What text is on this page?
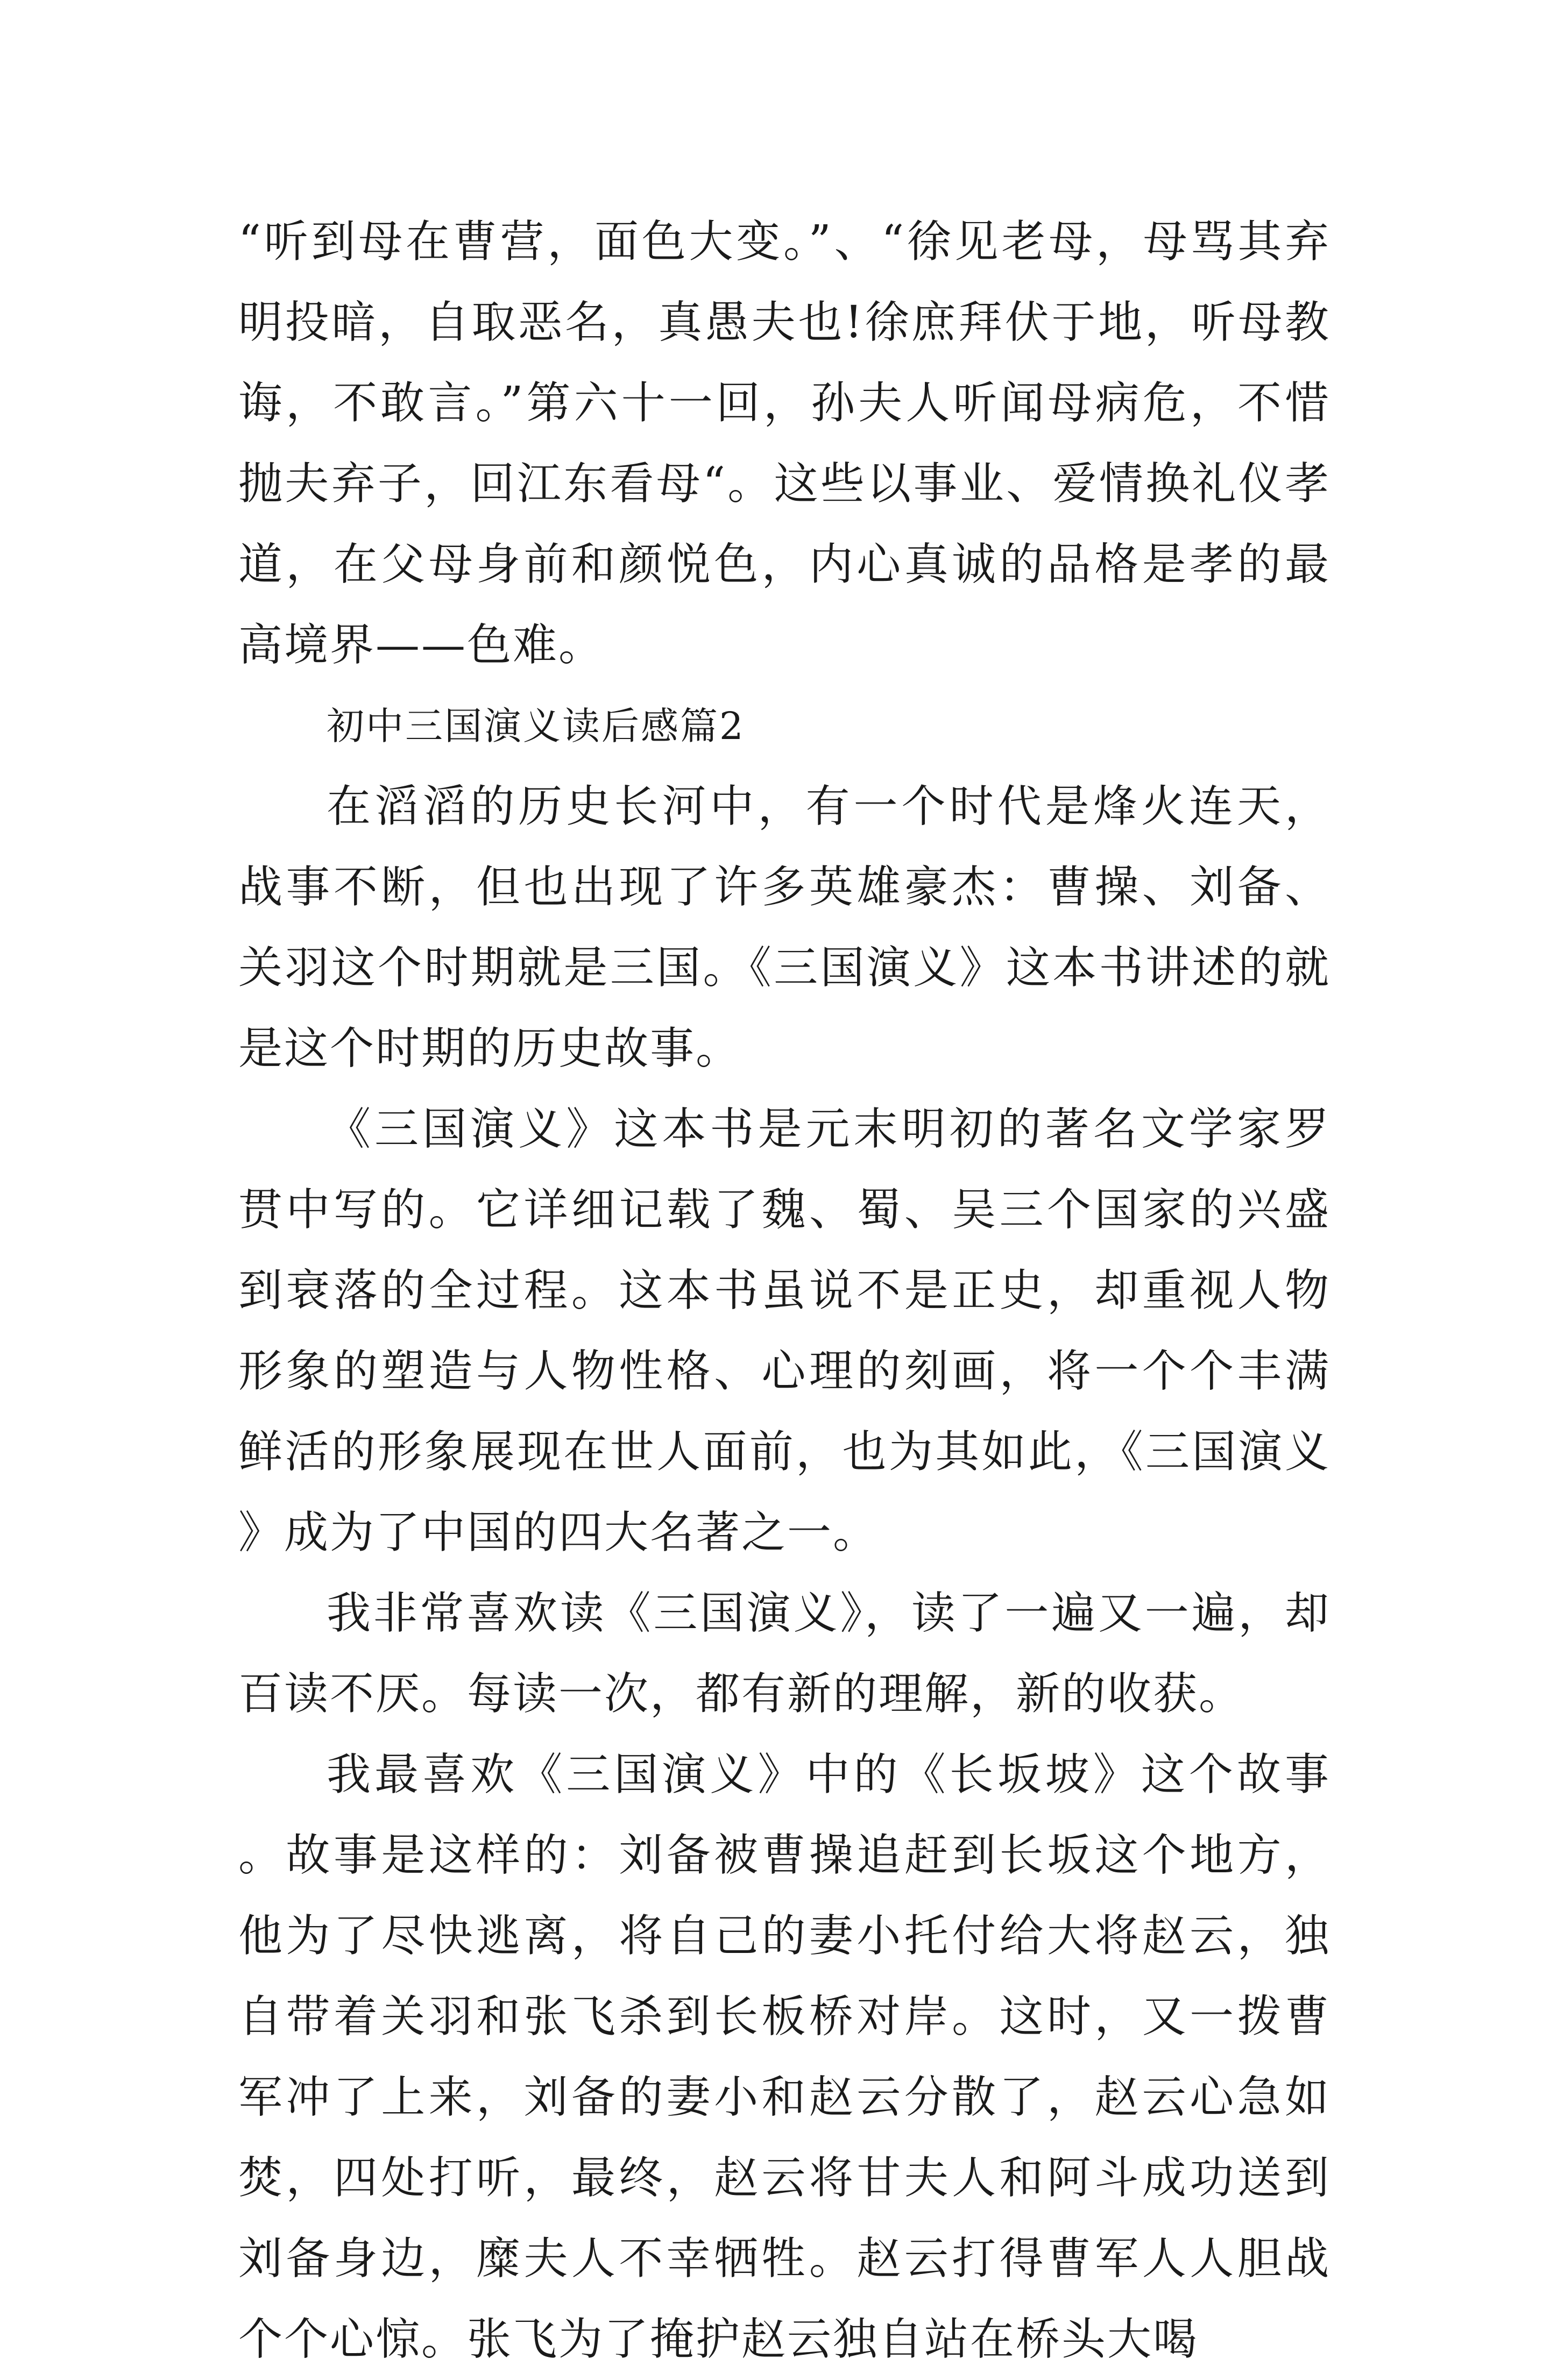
“听到母在曹营，面色大变。”、“徐见老母，母骂其弃明投暗，自取恶名，真愚夫也!徐庶拜伏于地，听母教诲，不敢言。”第六十一回，孙夫人听闻母病危，不惜抛夫弃子，回江东看母“。这些以事业、爱情换礼仪孝道，在父母身前和颜悦色，内心真诚的品格是孝的最高境界——色难。

初中三国演义读后感篇2

在滔滔的历史长河中，有一个时代是烽火连天，战事不断，但也出现了许多英雄豪杰：曹操、刘备、关羽这个时期就是三国。《三国演义》这本书讲述的就是这个时期的历史故事。

《三国演义》这本书是元末明初的著名文学家罗贯中写的。它详细记载了魏、蜀、吴三个国家的兴盛到衰落的全过程。这本书虽说不是正史，却重视人物形象的塑造与人物性格、心理的刻画，将一个个丰满鲜活的形象展现在世人面前，也为其如此，《三国演义》成为了中国的四大名著之一。

我非常喜欢读《三国演义》，读了一遍又一遍，却百读不厌。每读一次，都有新的理解，新的收获。

我最喜欢《三国演义》中的《长坂坡》这个故事。故事是这样的：刘备被曹操追赶到长坂这个地方，他为了尽快逃离，将自己的妻小托付给大将赵云，独自带着关羽和张飞杀到长板桥对岸。这时，又一拨曹军冲了上来，刘备的妻小和赵云分散了，赵云心急如焚，四处打听，最终，赵云将甘夫人和阿斗成功送到刘备身边，糜夫人不幸牺牲。赵云打得曹军人人胆战个个心惊。张飞为了掩护赵云独自站在桥头大喝
